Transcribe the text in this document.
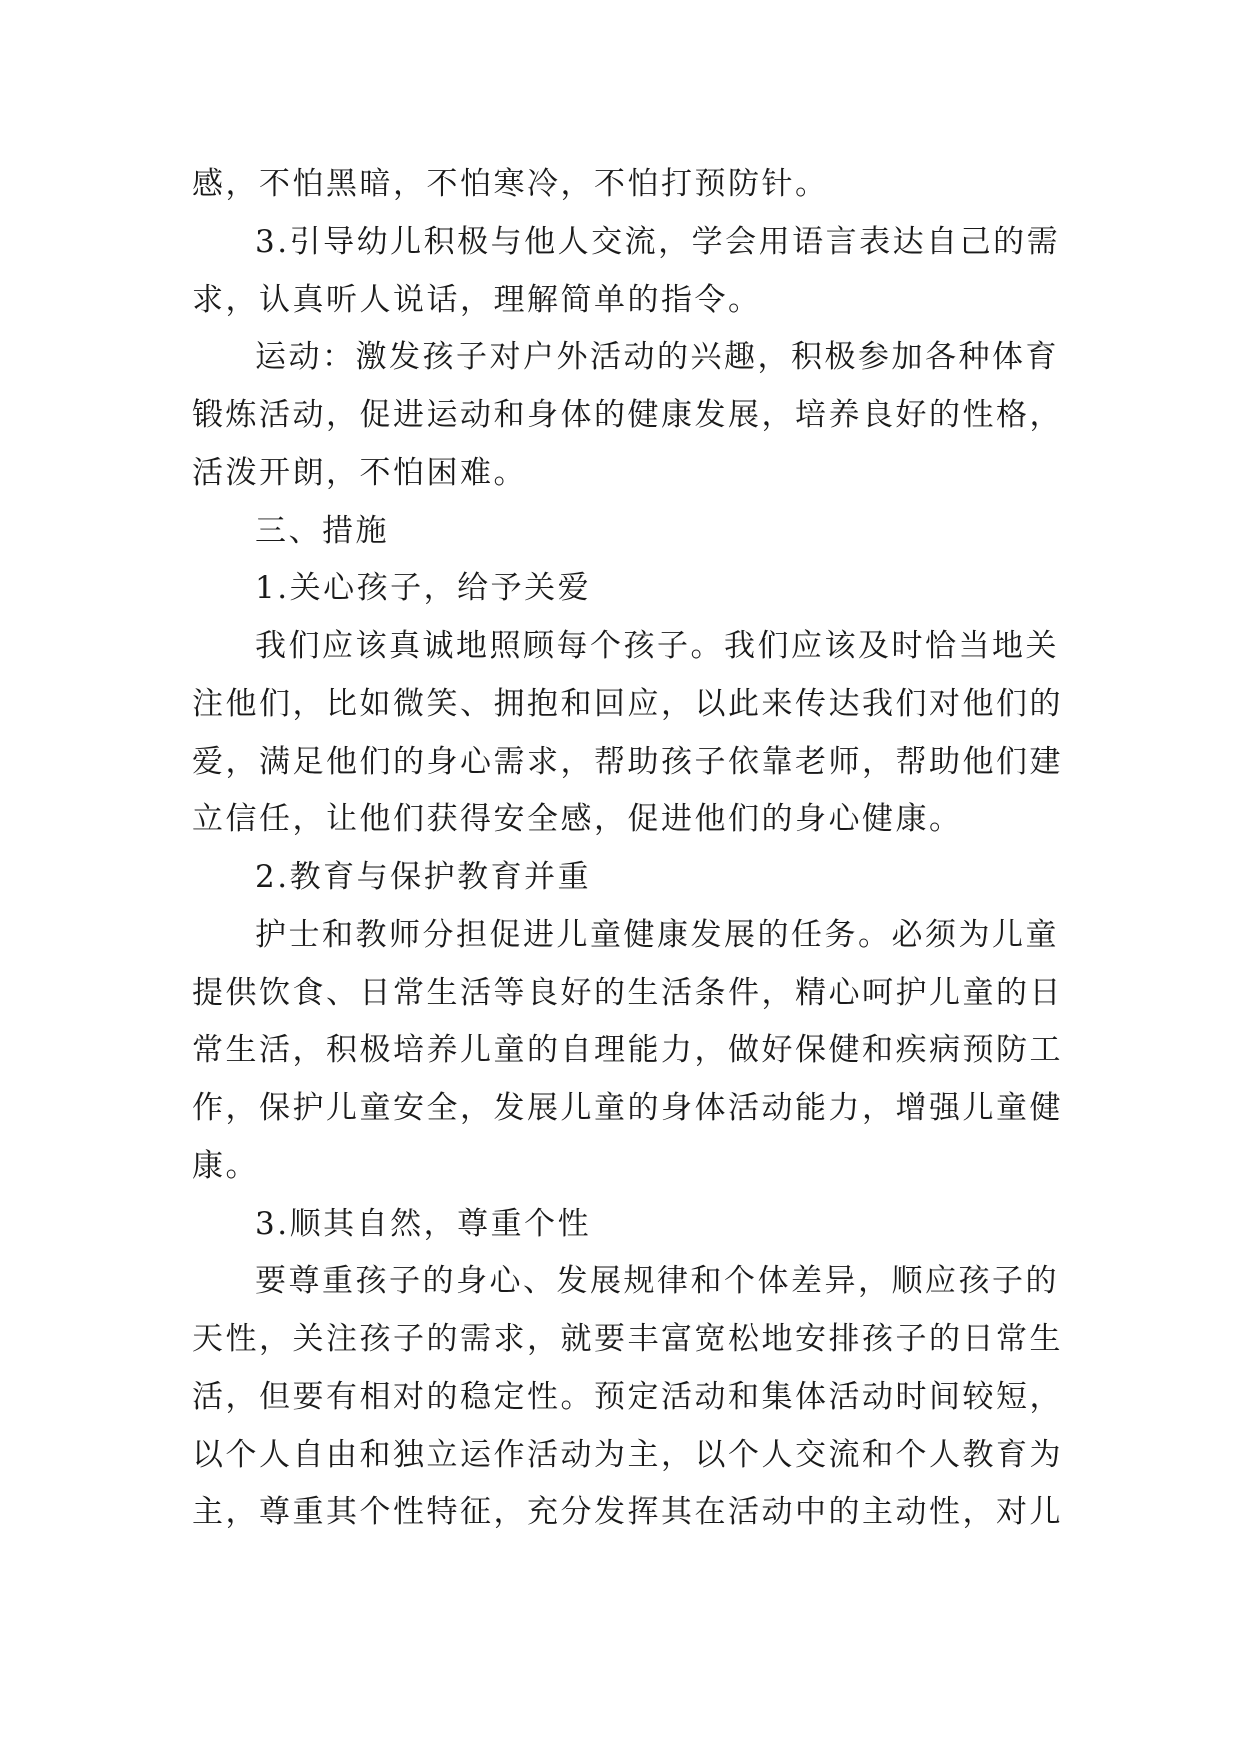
感，不怕黑暗，不怕寒冷，不怕打预防针。
3.引导幼儿积极与他人交流，学会用语言表达自己的需
求，认真听人说话，理解简单的指令。
运动：激发孩子对户外活动的兴趣，积极参加各种体育
锻炼活动，促进运动和身体的健康发展，培养良好的性格，
活泼开朗，不怕困难。
三、措施
1.关心孩子，给予关爱
我们应该真诚地照顾每个孩子。我们应该及时恰当地关
注他们，比如微笑、拥抱和回应，以此来传达我们对他们的
爱，满足他们的身心需求，帮助孩子依靠老师，帮助他们建
立信任，让他们获得安全感，促进他们的身心健康。
2.教育与保护教育并重
护士和教师分担促进儿童健康发展的任务。必须为儿童
提供饮食、日常生活等良好的生活条件，精心呵护儿童的日
常生活，积极培养儿童的自理能力，做好保健和疾病预防工
作，保护儿童安全，发展儿童的身体活动能力，增强儿童健
康。
3.顺其自然，尊重个性
要尊重孩子的身心、发展规律和个体差异，顺应孩子的
天性，关注孩子的需求，就要丰富宽松地安排孩子的日常生
活，但要有相对的稳定性。预定活动和集体活动时间较短，
以个人自由和独立运作活动为主，以个人交流和个人教育为
主，尊重其个性特征，充分发挥其在活动中的主动性，对儿
